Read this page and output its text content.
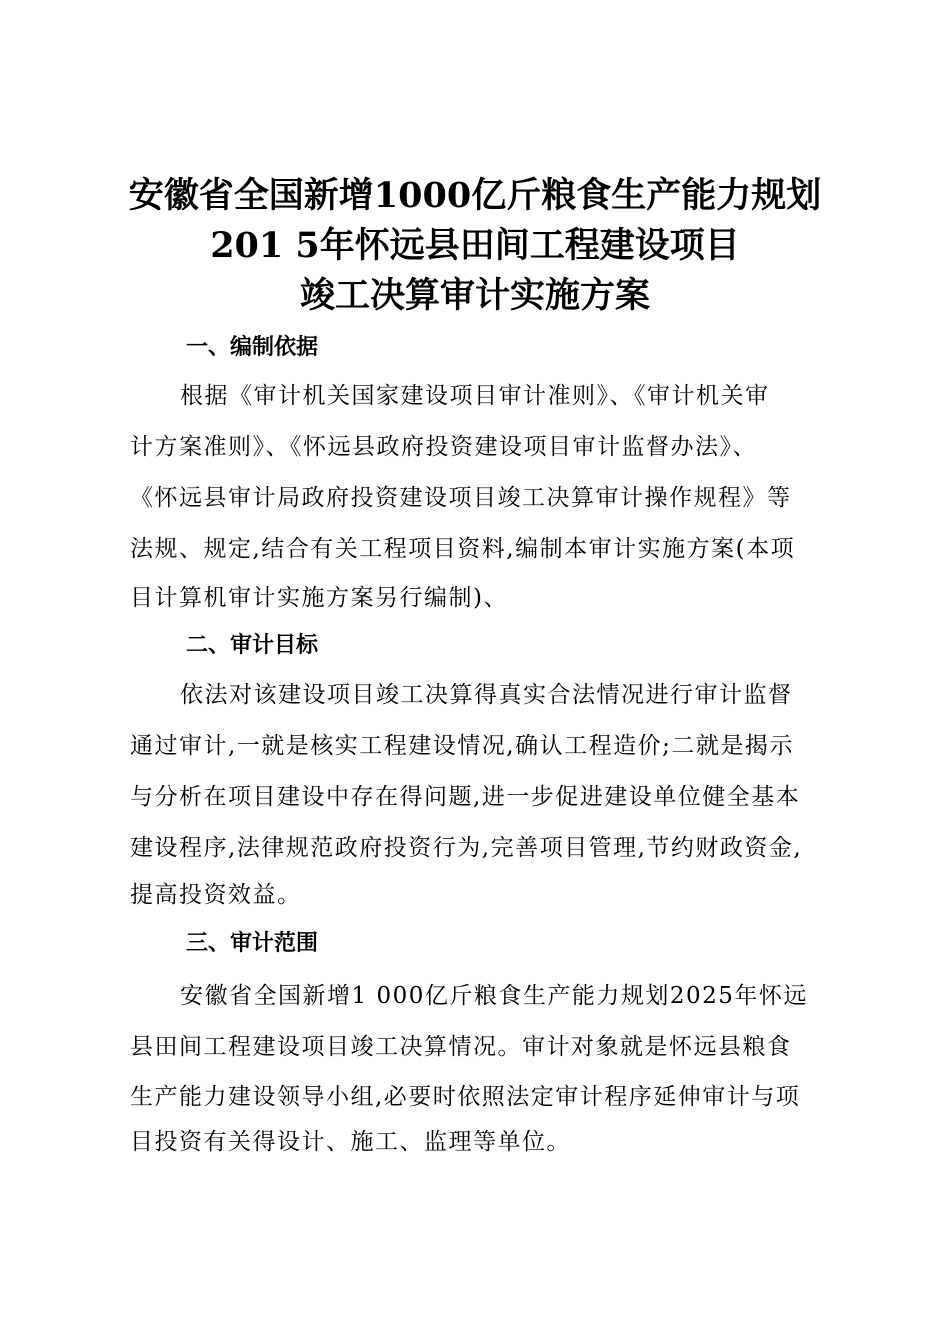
安徽省全国新增1000亿斤粮食生产能力规划
201 5年怀远县田间工程建设项目
竣工决算审计实施方案
一、编制依据
根据《审计机关国家建设项目审计准则》、《审计机关审
计方案准则》、《怀远县政府投资建设项目审计监督办法》、
《怀远县审计局政府投资建设项目竣工决算审计操作规程》等
法规、规定,结合有关工程项目资料,编制本审计实施方案(本项
目计算机审计实施方案另行编制)、
二、审计目标
依法对该建设项目竣工决算得真实合法情况进行审计监督
通过审计,一就是核实工程建设情况,确认工程造价;二就是揭示
与分析在项目建设中存在得问题,进一步促进建设单位健全基本
建设程序,法律规范政府投资行为,完善项目管理,节约财政资金,
提高投资效益。
三、审计范围
安徽省全国新增1 000亿斤粮食生产能力规划2025年怀远
县田间工程建设项目竣工决算情况。审计对象就是怀远县粮食
生产能力建设领导小组,必要时依照法定审计程序延伸审计与项
目投资有关得设计、施工、监理等单位。
